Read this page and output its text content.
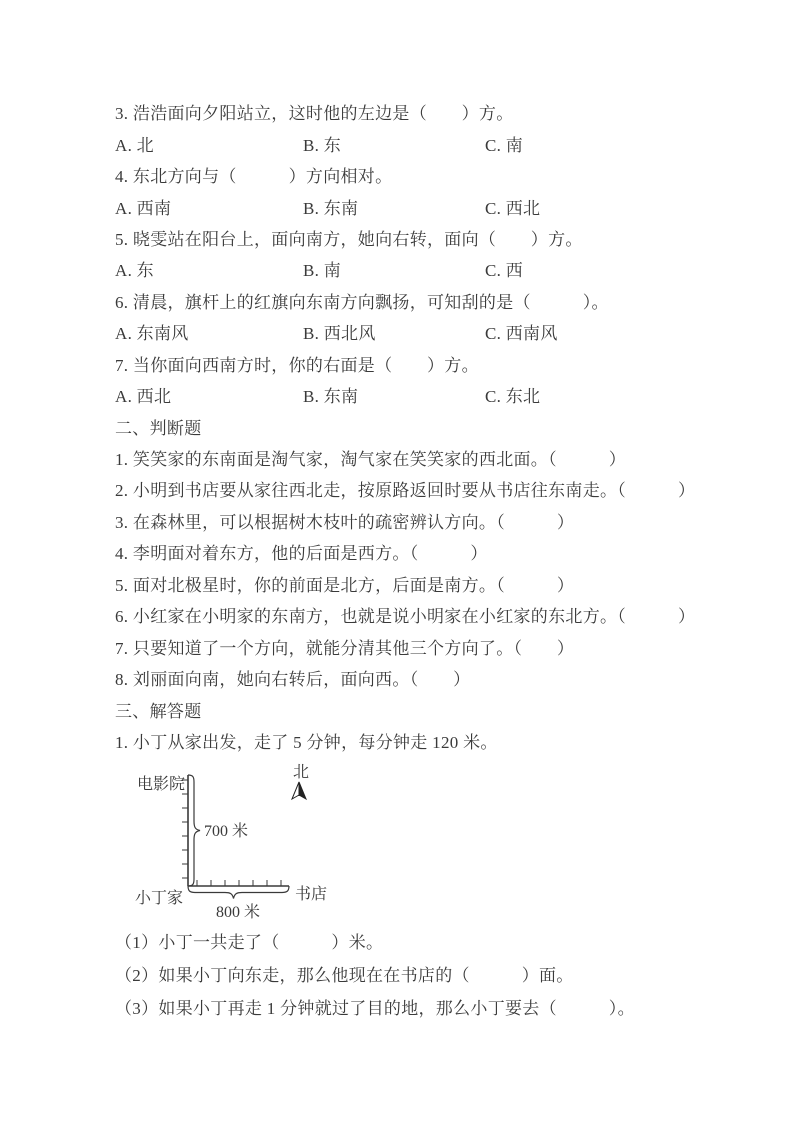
3. 浩浩面向夕阳站立，这时他的左边是（　　）方。
A. 北	B. 东	C. 南
4. 东北方向与（　　　）方向相对。
A. 西南	B. 东南	C. 西北
5. 晓雯站在阳台上，面向南方，她向右转，面向（　　）方。
A. 东	B. 南	C. 西
6. 清晨，旗杆上的红旗向东南方向飘扬，可知刮的是（　　　）。
A. 东南风	B. 西北风	C. 西南风
7. 当你面向西南方时，你的右面是（　　）方。
A. 西北	B. 东南	C. 东北
二、判断题
1. 笑笑家的东南面是淘气家，淘气家在笑笑家的西北面。（　　　）
2. 小明到书店要从家往西北走，按原路返回时要从书店往东南走。（　　　）
3. 在森林里，可以根据树木枝叶的疏密辨认方向。（　　　）
4. 李明面对着东方，他的后面是西方。（　　　）
5. 面对北极星时，你的前面是北方，后面是南方。（　　　）
6. 小红家在小明家的东南方，也就是说小明家在小红家的东北方。（　　　）
7. 只要知道了一个方向，就能分清其他三个方向了。（　　）
8. 刘丽面向南，她向右转后，面向西。（　　）
三、解答题
1. 小丁从家出发，走了 5 分钟，每分钟走 120 米。
北
电影院
小丁家	书店
700 米
800 米
（1）小丁一共走了（　　　）米。
（2）如果小丁向东走，那么他现在在书店的（　　　）面。
（3）如果小丁再走 1 分钟就过了目的地，那么小丁要去（　　　）。
